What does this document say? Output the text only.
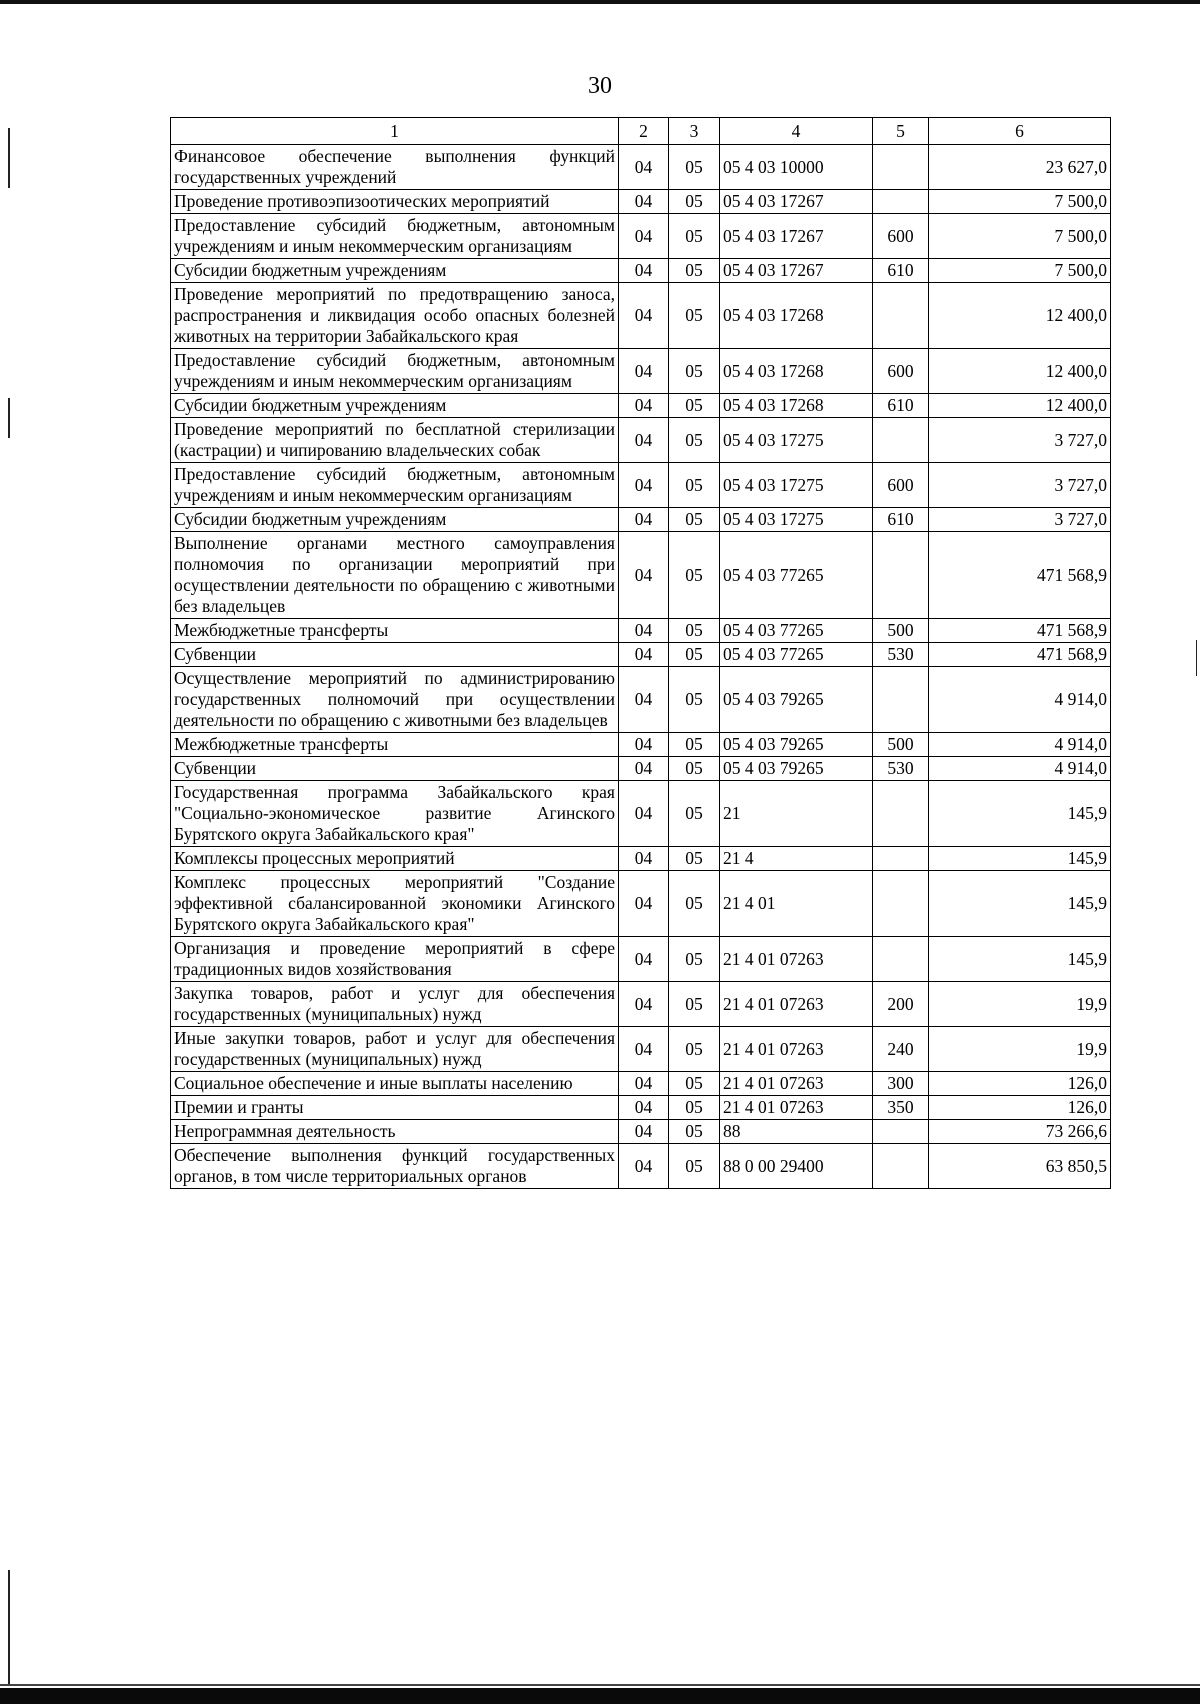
30
1	2	3	4	5	6
Финансовое обеспечение выполнения функций государственных учреждений	04	05	05 4 03 10000		23 627,0
Проведение противоэпизоотических мероприятий	04	05	05 4 03 17267		7 500,0
Предоставление субсидий бюджетным, автономным учреждениям и иным некоммерческим организациям	04	05	05 4 03 17267	600	7 500,0
Субсидии бюджетным учреждениям	04	05	05 4 03 17267	610	7 500,0
Проведение мероприятий по предотвращению заноса, распространения и ликвидация особо опасных болезней животных на территории Забайкальского края	04	05	05 4 03 17268		12 400,0
Предоставление субсидий бюджетным, автономным учреждениям и иным некоммерческим организациям	04	05	05 4 03 17268	600	12 400,0
Субсидии бюджетным учреждениям	04	05	05 4 03 17268	610	12 400,0
Проведение мероприятий по бесплатной стерилизации (кастрации) и чипированию владельческих собак	04	05	05 4 03 17275		3 727,0
Предоставление субсидий бюджетным, автономным учреждениям и иным некоммерческим организациям	04	05	05 4 03 17275	600	3 727,0
Субсидии бюджетным учреждениям	04	05	05 4 03 17275	610	3 727,0
Выполнение органами местного самоуправления полномочия по организации мероприятий при осуществлении деятельности по обращению с животными без владельцев	04	05	05 4 03 77265		471 568,9
Межбюджетные трансферты	04	05	05 4 03 77265	500	471 568,9
Субвенции	04	05	05 4 03 77265	530	471 568,9
Осуществление мероприятий по администрированию государственных полномочий при осуществлении деятельности по обращению с животными без владельцев	04	05	05 4 03 79265		4 914,0
Межбюджетные трансферты	04	05	05 4 03 79265	500	4 914,0
Субвенции	04	05	05 4 03 79265	530	4 914,0
Государственная программа Забайкальского края "Социально-экономическое развитие Агинского Бурятского округа Забайкальского края"	04	05	21		145,9
Комплексы процессных мероприятий	04	05	21 4		145,9
Комплекс процессных мероприятий "Создание эффективной сбалансированной экономики Агинского Бурятского округа Забайкальского края"	04	05	21 4 01		145,9
Организация и проведение мероприятий в сфере традиционных видов хозяйствования	04	05	21 4 01 07263		145,9
Закупка товаров, работ и услуг для обеспечения государственных (муниципальных) нужд	04	05	21 4 01 07263	200	19,9
Иные закупки товаров, работ и услуг для обеспечения государственных (муниципальных) нужд	04	05	21 4 01 07263	240	19,9
Социальное обеспечение и иные выплаты населению	04	05	21 4 01 07263	300	126,0
Премии и гранты	04	05	21 4 01 07263	350	126,0
Непрограммная деятельность	04	05	88		73 266,6
Обеспечение выполнения функций государственных органов, в том числе территориальных органов	04	05	88 0 00 29400		63 850,5
